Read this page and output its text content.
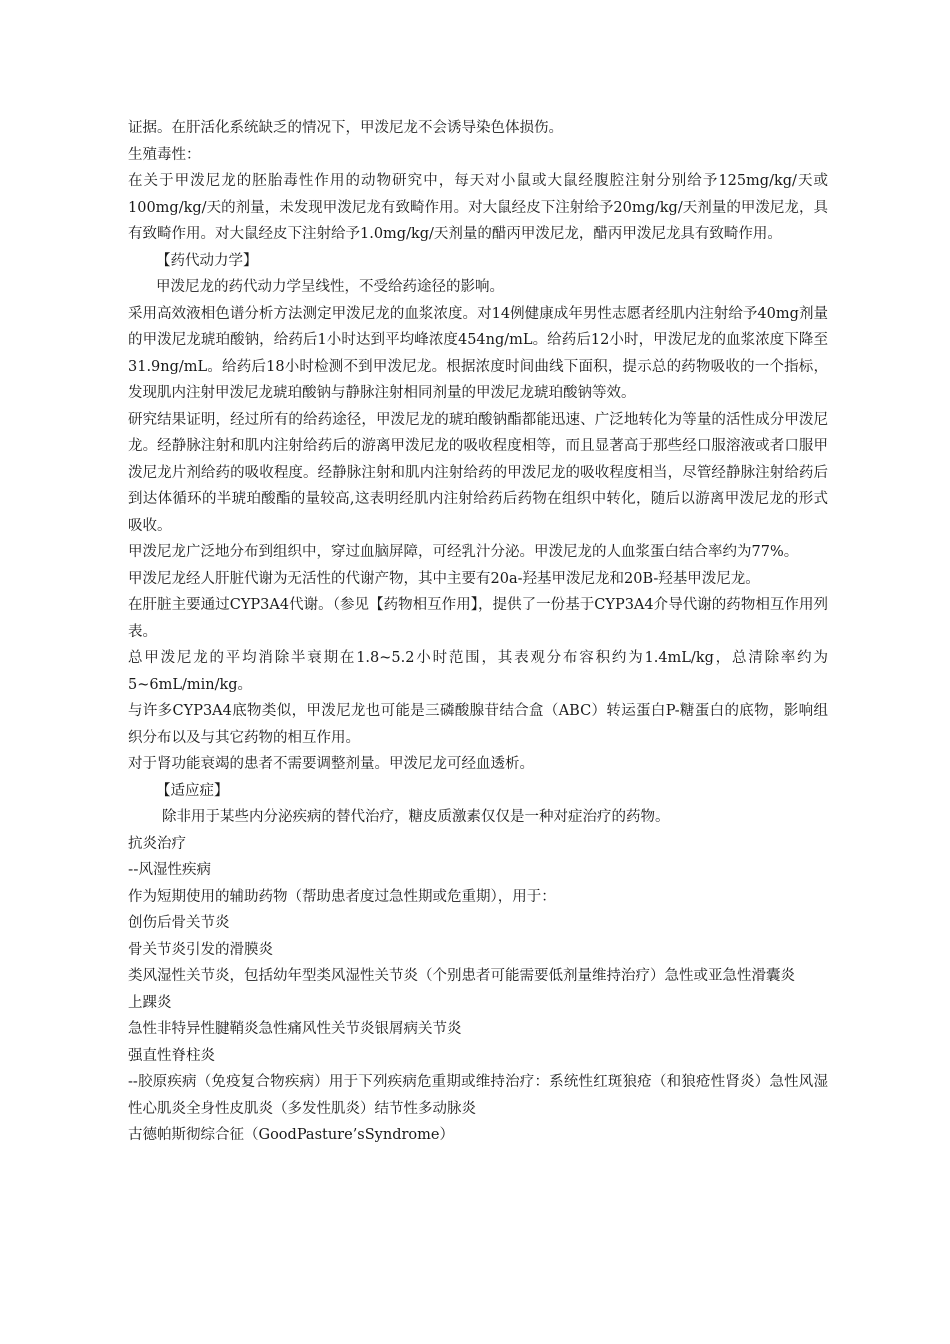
证据。在肝活化系统缺乏的情况下，甲泼尼龙不会诱导染色体损伤。

生殖毒性：

在关于甲泼尼龙的胚胎毒性作用的动物研究中，每天对小鼠或大鼠经腹腔注射分别给予125mg/kg/天或100mg/kg/天的剂量，未发现甲泼尼龙有致畸作用。对大鼠经皮下注射给予20mg/kg/天剂量的甲泼尼龙，具有致畸作用。对大鼠经皮下注射给予1.0mg/kg/天剂量的醋丙甲泼尼龙，醋丙甲泼尼龙具有致畸作用。

【药代动力学】

甲泼尼龙的药代动力学呈线性，不受给药途径的影响。

采用高效液相色谱分析方法测定甲泼尼龙的血浆浓度。对14例健康成年男性志愿者经肌内注射给予40mg剂量的甲泼尼龙琥珀酸钠，给药后1小时达到平均峰浓度454ng/mL。给药后12小时，甲泼尼龙的血浆浓度下降至31.9ng/mL。给药后18小时检测不到甲泼尼龙。根据浓度时间曲线下面积，提示总的药物吸收的一个指标，发现肌内注射甲泼尼龙琥珀酸钠与静脉注射相同剂量的甲泼尼龙琥珀酸钠等效。

研究结果证明，经过所有的给药途径，甲泼尼龙的琥珀酸钠酯都能迅速、广泛地转化为等量的活性成分甲泼尼龙。经静脉注射和肌内注射给药后的游离甲泼尼龙的吸收程度相等，而且显著高于那些经口服溶液或者口服甲泼尼龙片剂给药的吸收程度。经静脉注射和肌内注射给药的甲泼尼龙的吸收程度相当，尽管经静脉注射给药后到达体循环的半琥珀酸酯的量较高,这表明经肌内注射给药后药物在组织中转化，随后以游离甲泼尼龙的形式吸收。

甲泼尼龙广泛地分布到组织中，穿过血脑屏障，可经乳汁分泌。甲泼尼龙的人血浆蛋白结合率约为77%。

甲泼尼龙经人肝脏代谢为无活性的代谢产物，其中主要有20a-羟基甲泼尼龙和20B-羟基甲泼尼龙。

在肝脏主要通过CYP3A4代谢。（参见【药物相互作用】，提供了一份基于CYP3A4介导代谢的药物相互作用列表。

总甲泼尼龙的平均消除半衰期在1.8~5.2小时范围，其表观分布容积约为1.4mL/kg，总清除率约为5~6mL/min/kg。

与许多CYP3A4底物类似，甲泼尼龙也可能是三磷酸腺苷结合盒（ABC）转运蛋白P-糖蛋白的底物，影响组织分布以及与其它药物的相互作用。

对于肾功能衰竭的患者不需要调整剂量。甲泼尼龙可经血透析。

【适应症】

除非用于某些内分泌疾病的替代治疗，糖皮质激素仅仅是一种对症治疗的药物。

抗炎治疗

--风湿性疾病

作为短期使用的辅助药物（帮助患者度过急性期或危重期），用于：

创伤后骨关节炎

骨关节炎引发的滑膜炎

类风湿性关节炎，包括幼年型类风湿性关节炎（个别患者可能需要低剂量维持治疗）急性或亚急性滑囊炎

上踝炎

急性非特异性腱鞘炎急性痛风性关节炎银屑病关节炎

强直性脊柱炎

--胶原疾病（免疫复合物疾病）用于下列疾病危重期或维持治疗：系统性红斑狼疮（和狼疮性肾炎）急性风湿性心肌炎全身性皮肌炎（多发性肌炎）结节性多动脉炎

古德帕斯彻综合征（GoodPasture’sSyndrome）
